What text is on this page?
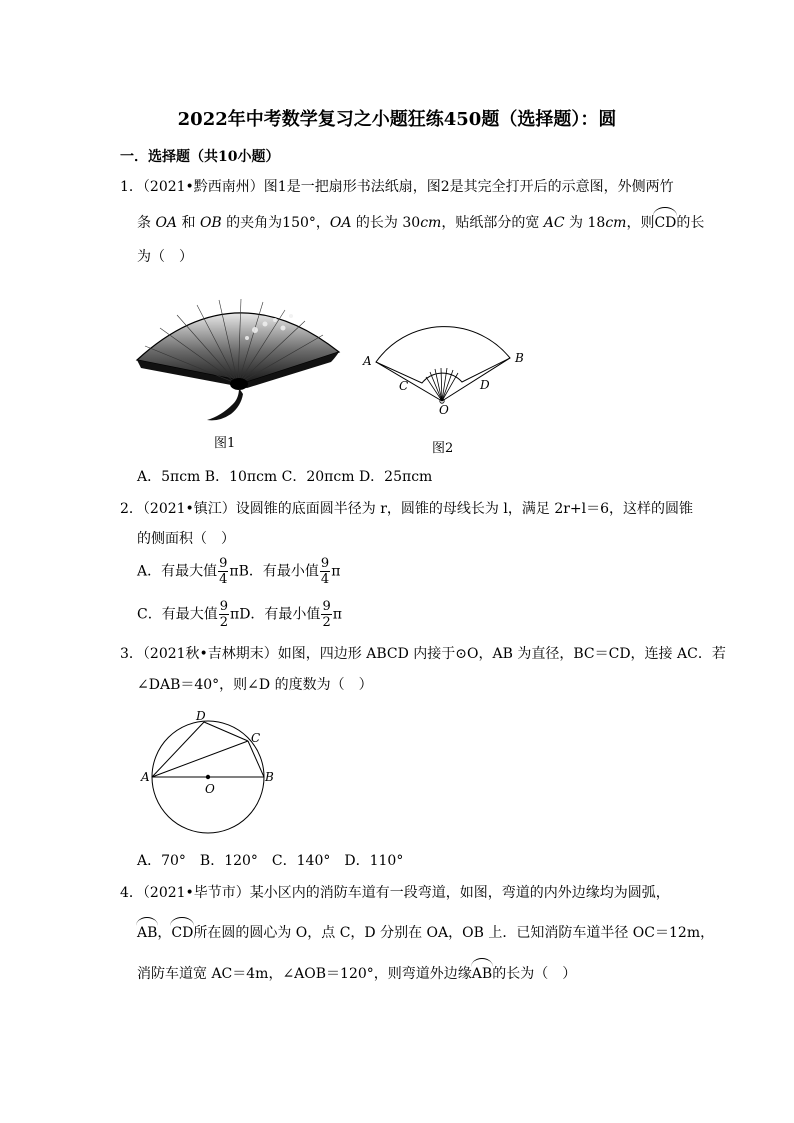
2022年中考数学复习之小题狂练450题（选择题）：圆
一．选择题（共10小题）
1．（2021•黔西南州）图1是一把扇形书法纸扇，图2是其完全打开后的示意图，外侧两竹
条 OA 和 OB 的夹角为150°，OA 的长为 30cm，贴纸部分的宽 AC 为 18cm，则CD的长
为（　）
图1
A	B
C	D
O
图2
A．5πcm B．10πcm C．20πcm D．25πcm
2．（2021•镇江）设圆锥的底面圆半径为 r，圆锥的母线长为 l，满足 2r+l＝6，这样的圆锥
的侧面积（　）
A．有最大值 $\frac{9}{4}$ πB．有最小值 $\frac{9}{4}$ π
C．有最大值 $\frac{9}{2}$ πD．有最小值 $\frac{9}{2}$ π
3．（2021秋•吉林期末）如图，四边形 ABCD 内接于⊙O，AB 为直径，BC＝CD，连接 AC．若
∠DAB＝40°，则∠D 的度数为（　）
A	B
C
D
O
A．70°　B．120°　C．140°　D．110°
4．（2021•毕节市）某小区内的消防车道有一段弯道，如图，弯道的内外边缘均为圆弧，
AB，CD所在圆的圆心为 O，点 C，D 分别在 OA，OB 上．已知消防车道半径 OC＝12m，
消防车道宽 AC＝4m，∠AOB＝120°，则弯道外边缘AB的长为（　）
